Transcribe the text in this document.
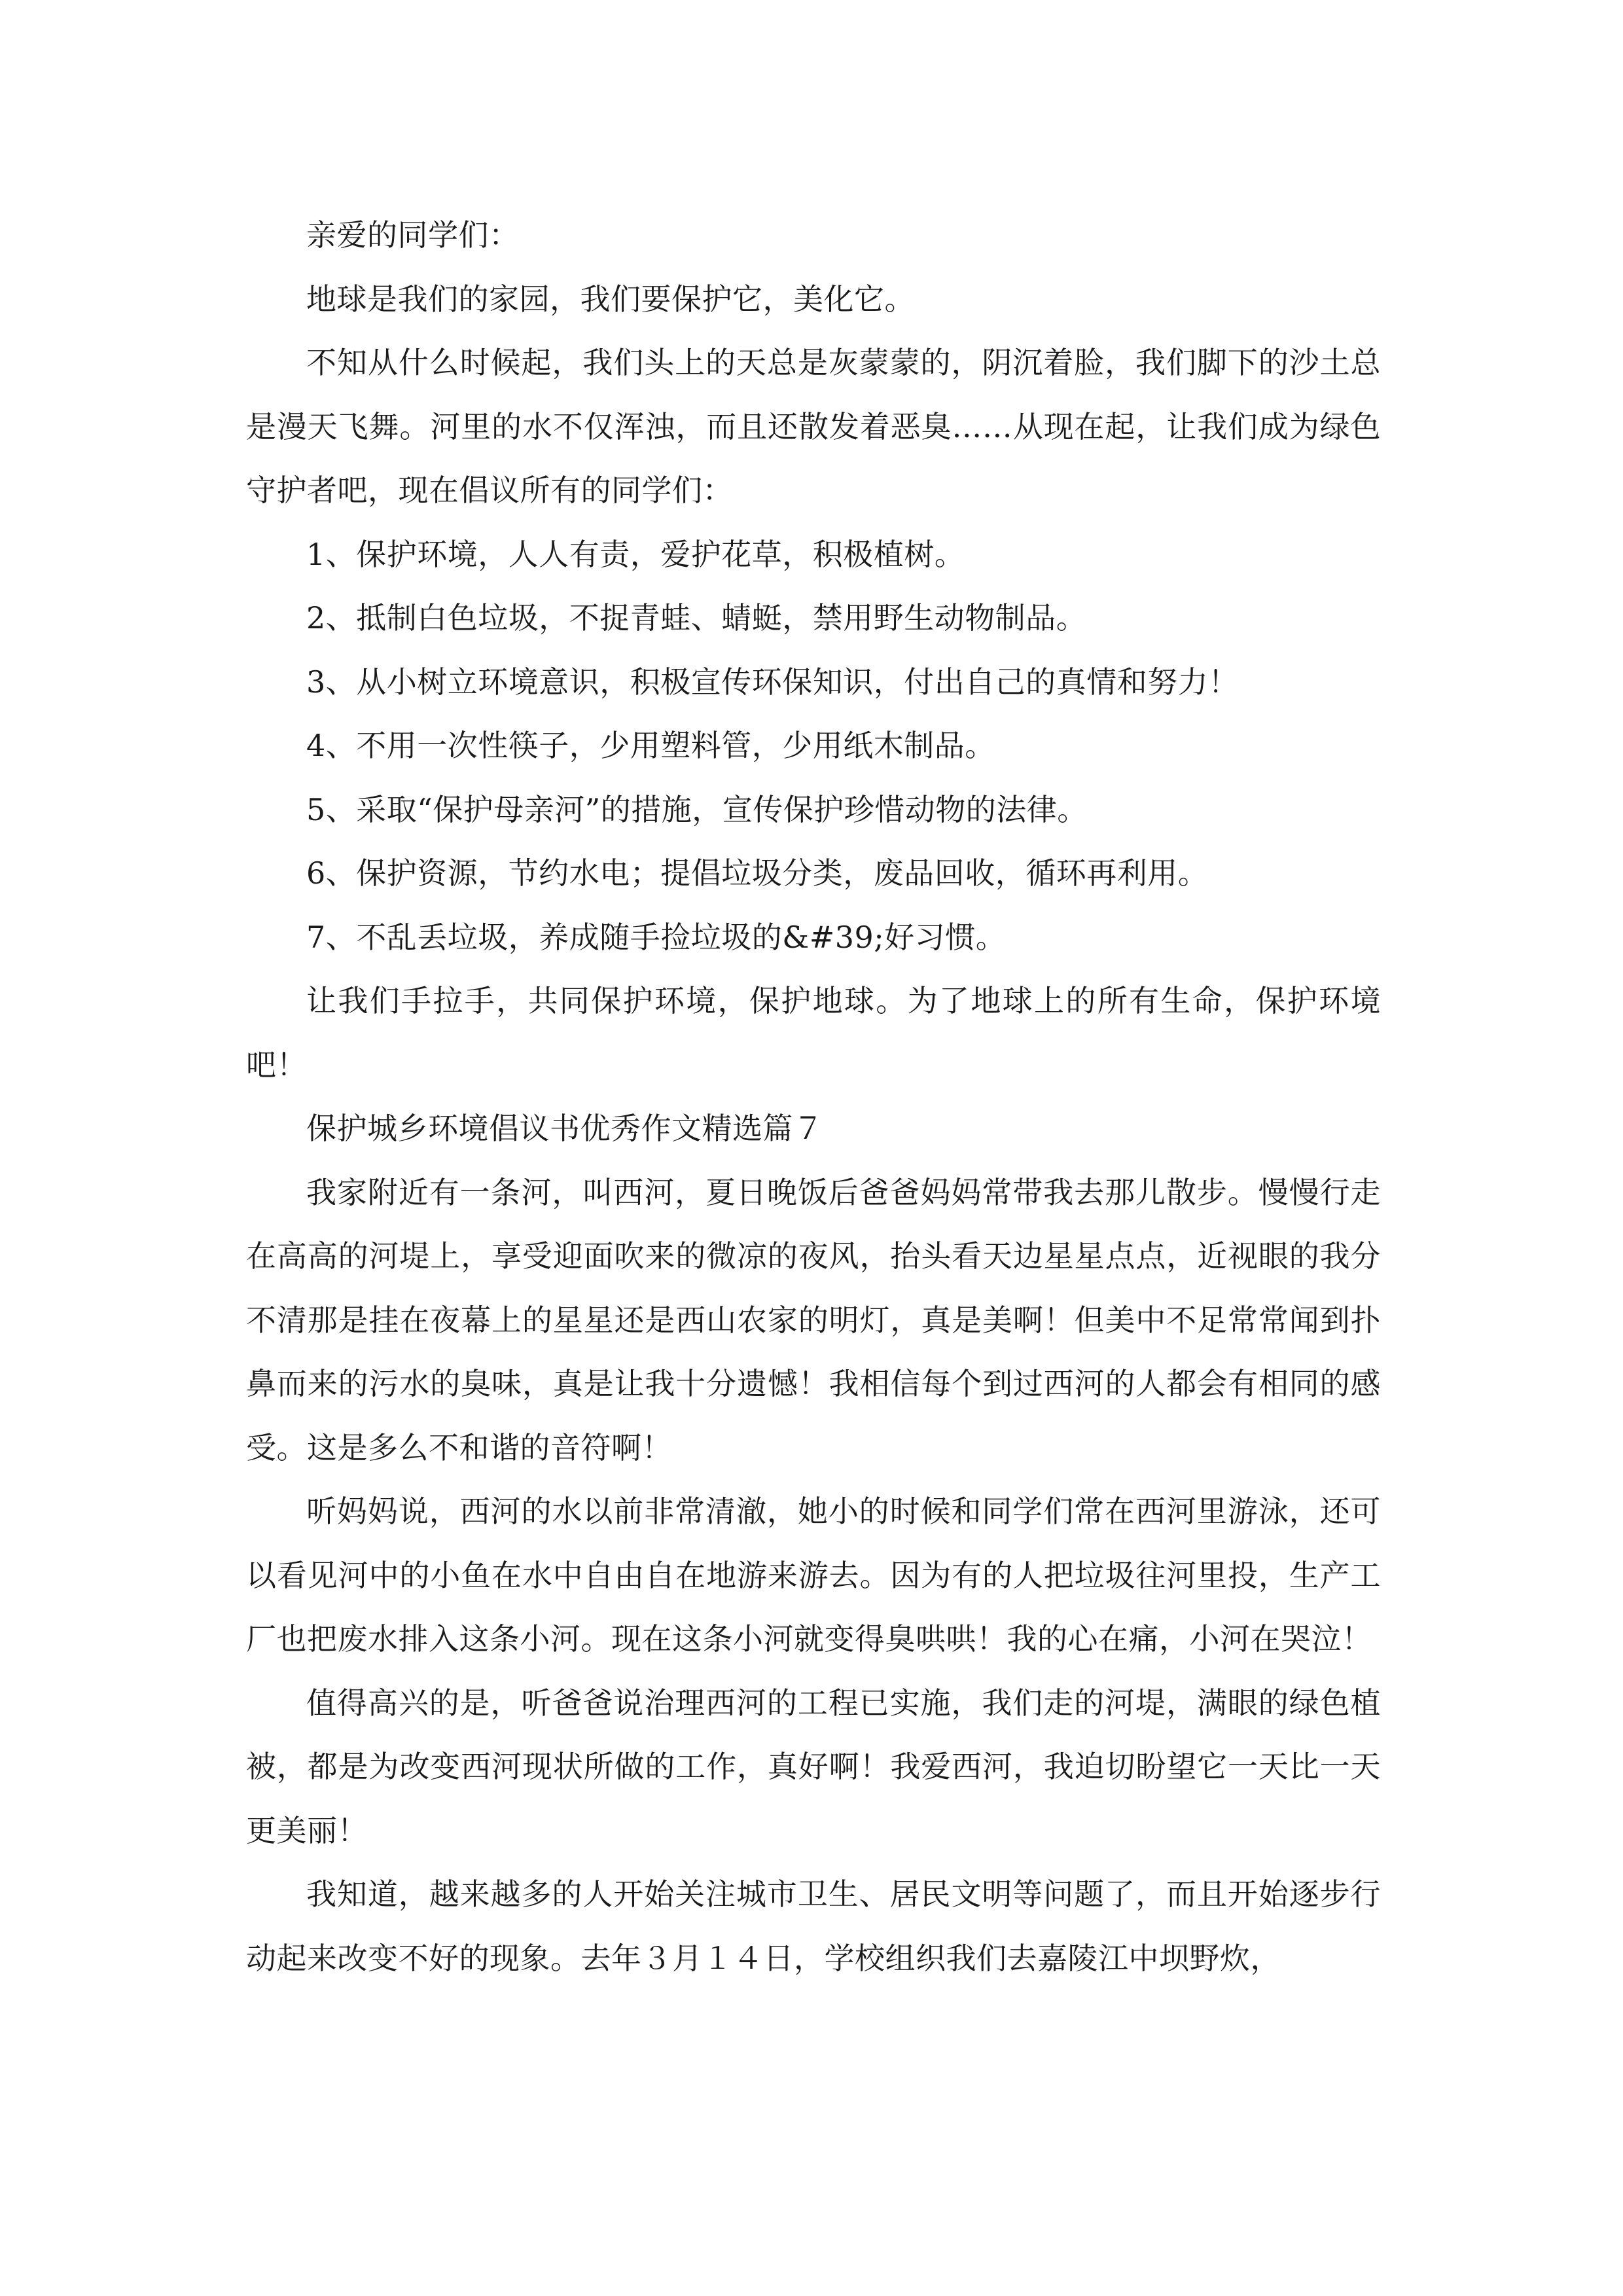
亲爱的同学们：

地球是我们的家园，我们要保护它，美化它。

不知从什么时候起，我们头上的天总是灰蒙蒙的，阴沉着脸，我们脚下的沙土总是漫天飞舞。河里的水不仅浑浊，而且还散发着恶臭……从现在起，让我们成为绿色守护者吧，现在倡议所有的同学们：

1、保护环境，人人有责，爱护花草，积极植树。

2、抵制白色垃圾，不捉青蛙、蜻蜓，禁用野生动物制品。

3、从小树立环境意识，积极宣传环保知识，付出自己的真情和努力！

4、不用一次性筷子，少用塑料管，少用纸木制品。

5、采取“保护母亲河”的措施，宣传保护珍惜动物的法律。

6、保护资源，节约水电；提倡垃圾分类，废品回收，循环再利用。

7、不乱丢垃圾，养成随手捡垃圾的&#39;好习惯。

让我们手拉手，共同保护环境，保护地球。为了地球上的所有生命，保护环境吧！

保护城乡环境倡议书优秀作文精选篇７

我家附近有一条河，叫西河，夏日晚饭后爸爸妈妈常带我去那儿散步。慢慢行走在高高的河堤上，享受迎面吹来的微凉的夜风，抬头看天边星星点点，近视眼的我分不清那是挂在夜幕上的星星还是西山农家的明灯，真是美啊！但美中不足常常闻到扑鼻而来的污水的臭味，真是让我十分遗憾！我相信每个到过西河的人都会有相同的感受。这是多么不和谐的音符啊！

听妈妈说，西河的水以前非常清澈，她小的时候和同学们常在西河里游泳，还可以看见河中的小鱼在水中自由自在地游来游去。因为有的人把垃圾往河里投，生产工厂也把废水排入这条小河。现在这条小河就变得臭哄哄！我的心在痛，小河在哭泣！

值得高兴的是，听爸爸说治理西河的工程已实施，我们走的河堤，满眼的绿色植被，都是为改变西河现状所做的工作，真好啊！我爱西河，我迫切盼望它一天比一天更美丽！

我知道，越来越多的人开始关注城市卫生、居民文明等问题了，而且开始逐步行动起来改变不好的现象。去年３月１４日，学校组织我们去嘉陵江中坝野炊，
